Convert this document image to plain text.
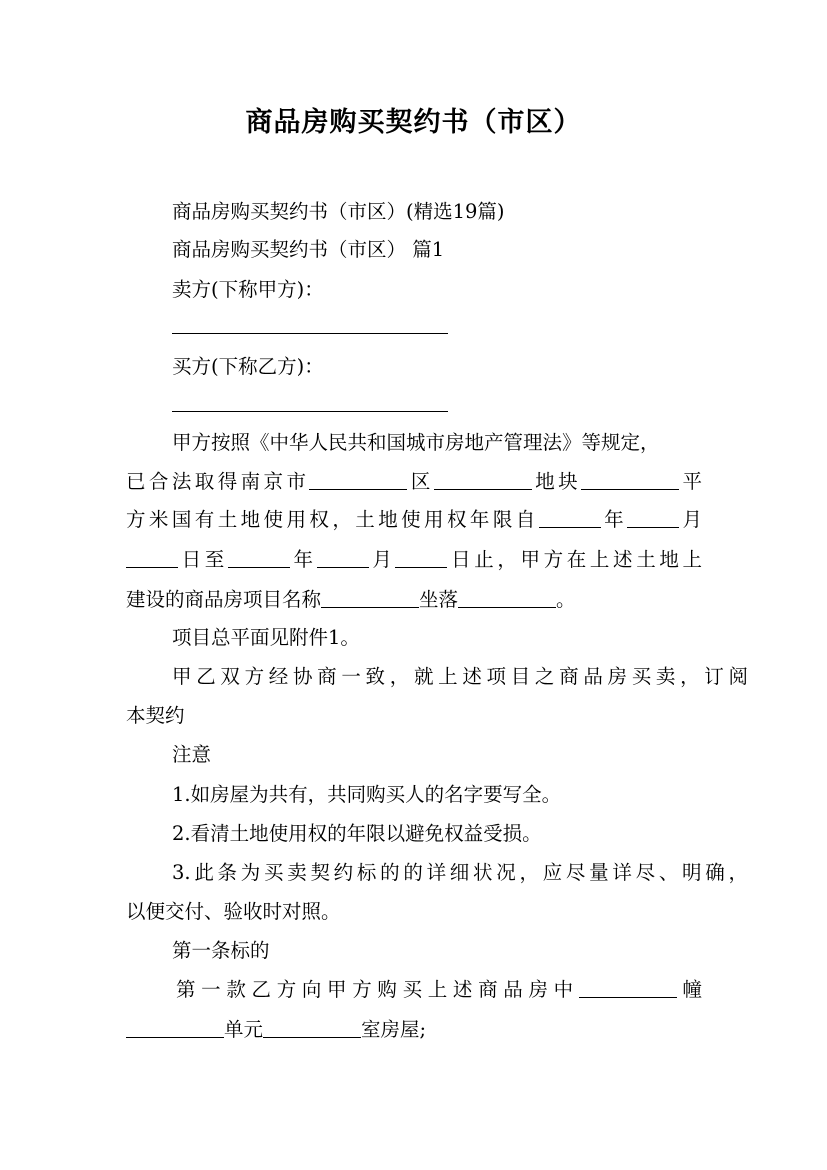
商品房购买契约书（市区）
商品房购买契约书（市区）(精选19篇)
商品房购买契约书（市区） 篇1
卖方(下称甲方)：
买方(下称乙方)：
甲方按照《中华人民共和国城市房地产管理法》等规定，
已合法取得南京市	区	地块	平
方米国有土地使用权，土地使用权年限自	年	月
日至	年	月	日止，甲方在上述土地上
建设的商品房项目名称	坐落	。
项目总平面见附件1。
甲乙双方经协商一致，就上述项目之商品房买卖，订阅
本契约
注意
1.如房屋为共有，共同购买人的名字要写全。
2.看清土地使用权的年限以避免权益受损。
3.此条为买卖契约标的的详细状况，应尽量详尽、明确，
以便交付、验收时对照。
第一条标的
第一款乙方向甲方购买上述商品房中	幢
单元	室房屋;
